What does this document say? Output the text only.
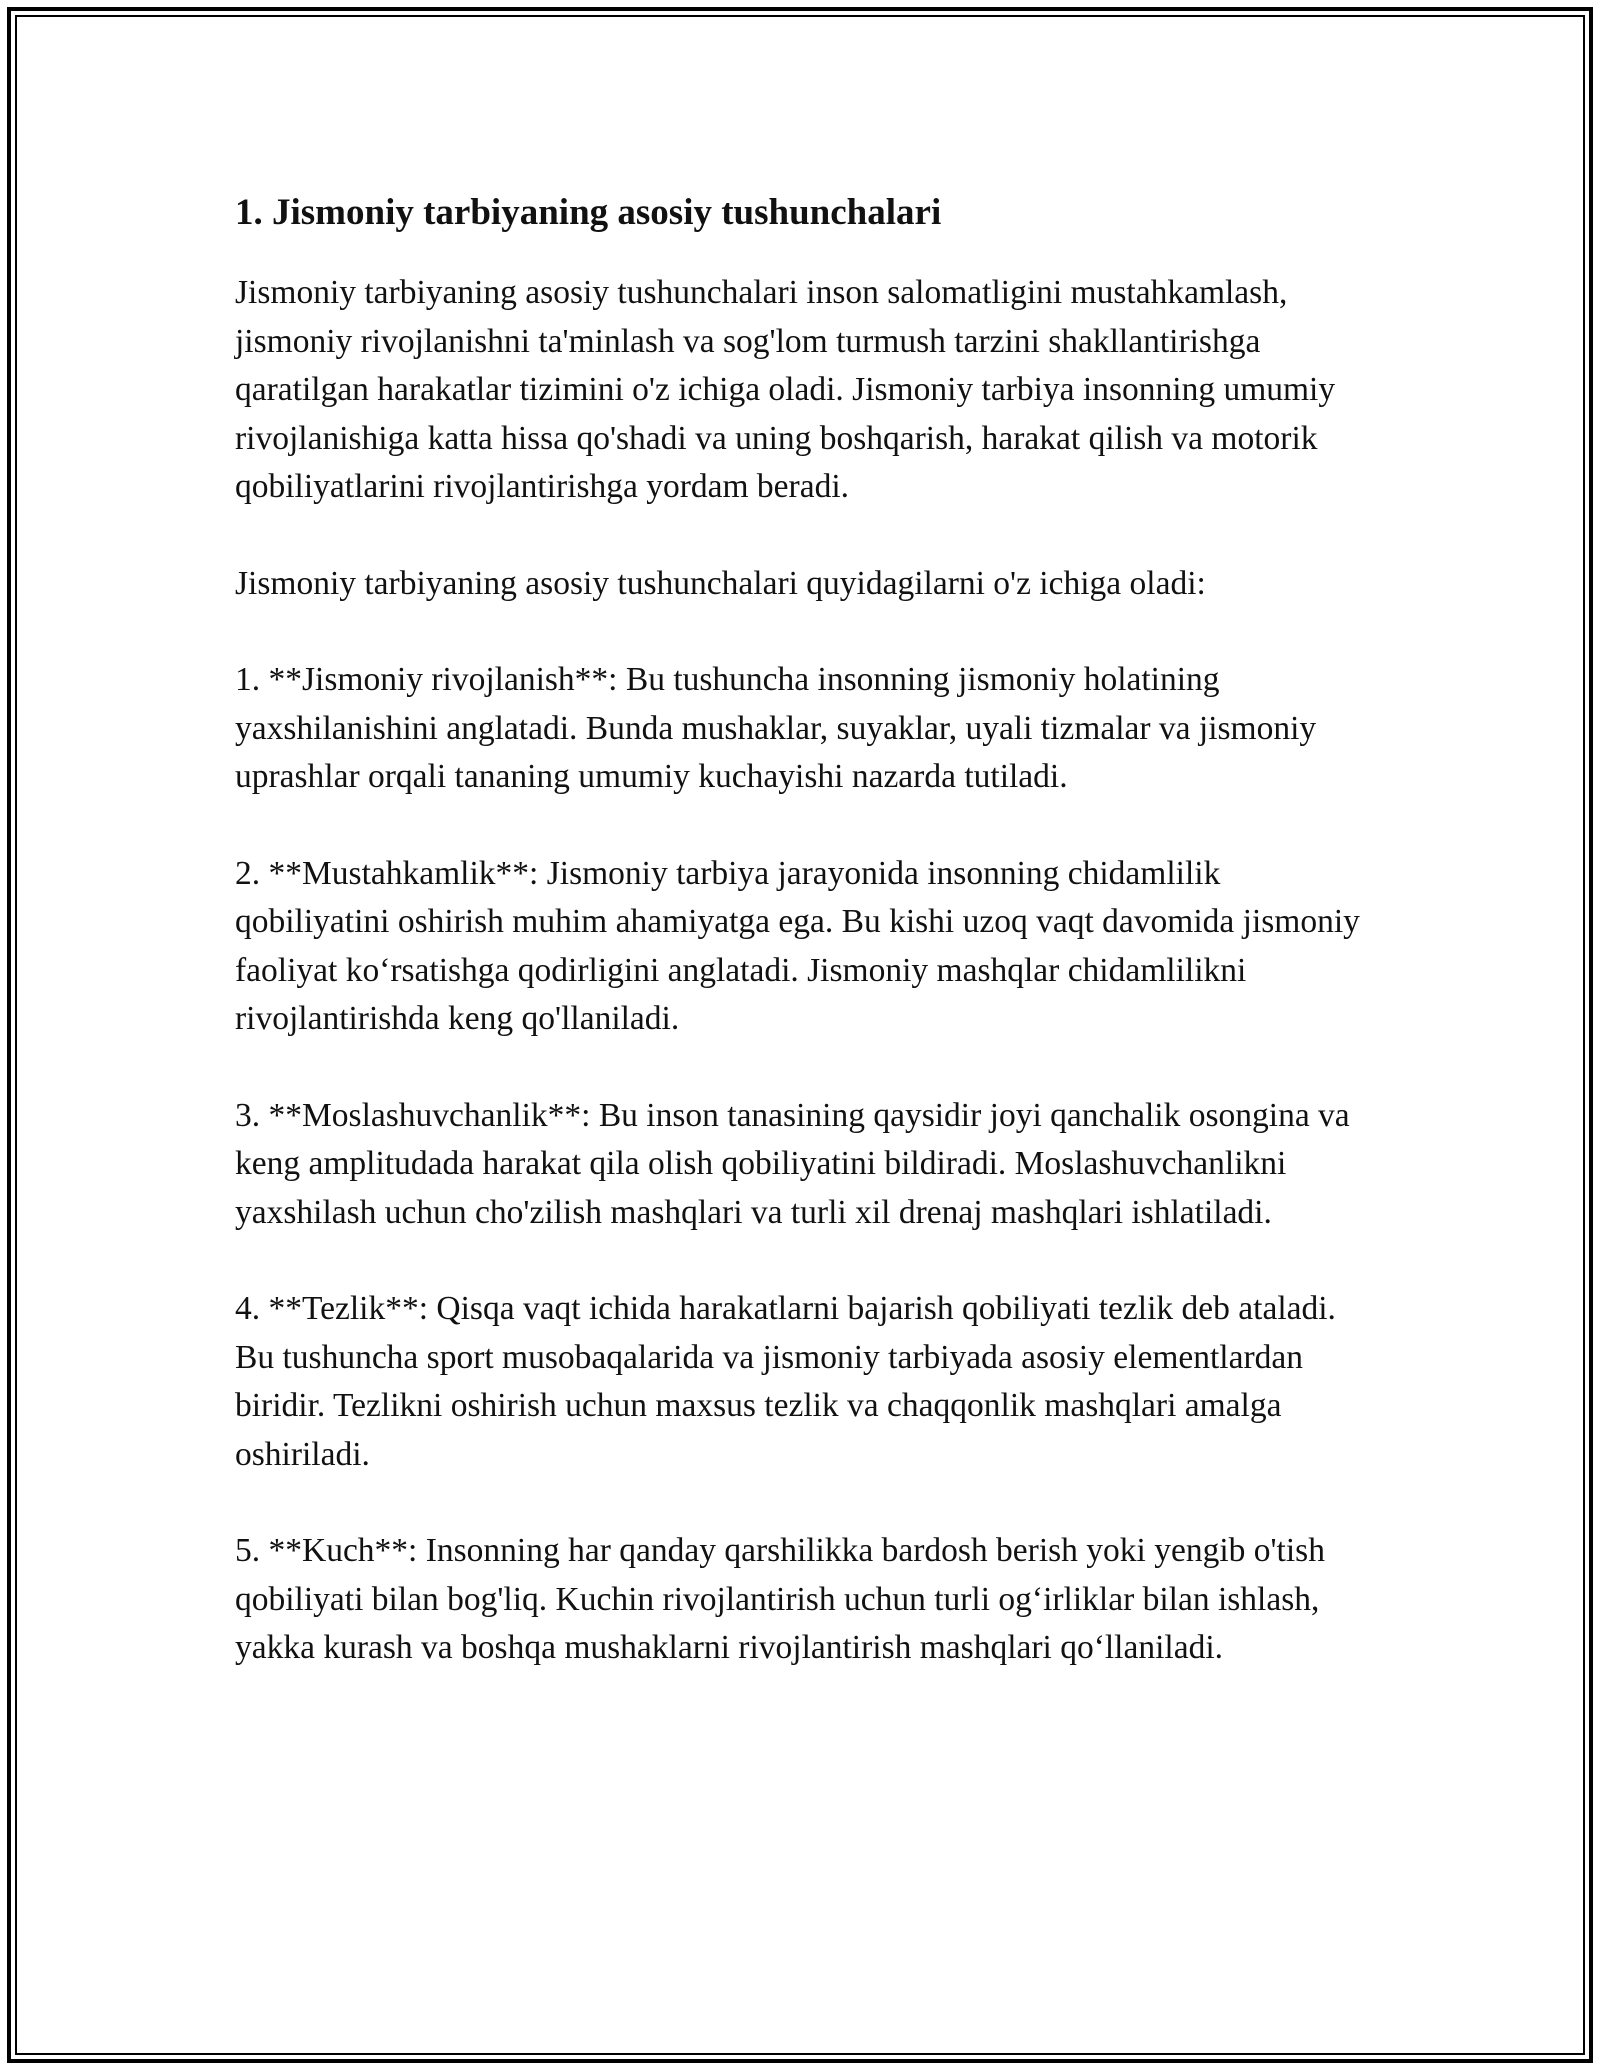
1. Jismoniy tarbiyaning asosiy tushunchalari

Jismoniy tarbiyaning asosiy tushunchalari inson salomatligini mustahkamlash, jismoniy rivojlanishni ta'minlash va sog'lom turmush tarzini shakllantirishga qaratilgan harakatlar tizimini o'z ichiga oladi. Jismoniy tarbiya insonning umumiy rivojlanishiga katta hissa qo'shadi va uning boshqarish, harakat qilish va motorik qobiliyatlarini rivojlantirishga yordam beradi.

Jismoniy tarbiyaning asosiy tushunchalari quyidagilarni o'z ichiga oladi:

1. **Jismoniy rivojlanish**: Bu tushuncha insonning jismoniy holatining yaxshilanishini anglatadi. Bunda mushaklar, suyaklar, uyali tizmalar va jismoniy uprashlar orqali tananing umumiy kuchayishi nazarda tutiladi.

2. **Mustahkamlik**: Jismoniy tarbiya jarayonida insonning chidamlilik qobiliyatini oshirish muhim ahamiyatga ega. Bu kishi uzoq vaqt davomida jismoniy faoliyat ko‘rsatishga qodirligini anglatadi. Jismoniy mashqlar chidamlilikni rivojlantirishda keng qo'llaniladi.

3. **Moslashuvchanlik**: Bu inson tanasining qaysidir joyi qanchalik osongina va keng amplitudada harakat qila olish qobiliyatini bildiradi. Moslashuvchanlikni yaxshilash uchun cho'zilish mashqlari va turli xil drenaj mashqlari ishlatiladi.

4. **Tezlik**: Qisqa vaqt ichida harakatlarni bajarish qobiliyati tezlik deb ataladi. Bu tushuncha sport musobaqalarida va jismoniy tarbiyada asosiy elementlardan biridir. Tezlikni oshirish uchun maxsus tezlik va chaqqonlik mashqlari amalga oshiriladi.

5. **Kuch**: Insonning har qanday qarshilikka bardosh berish yoki yengib o'tish qobiliyati bilan bog'liq. Kuchin rivojlantirish uchun turli og‘irliklar bilan ishlash, yakka kurash va boshqa mushaklarni rivojlantirish mashqlari qo‘llaniladi.
